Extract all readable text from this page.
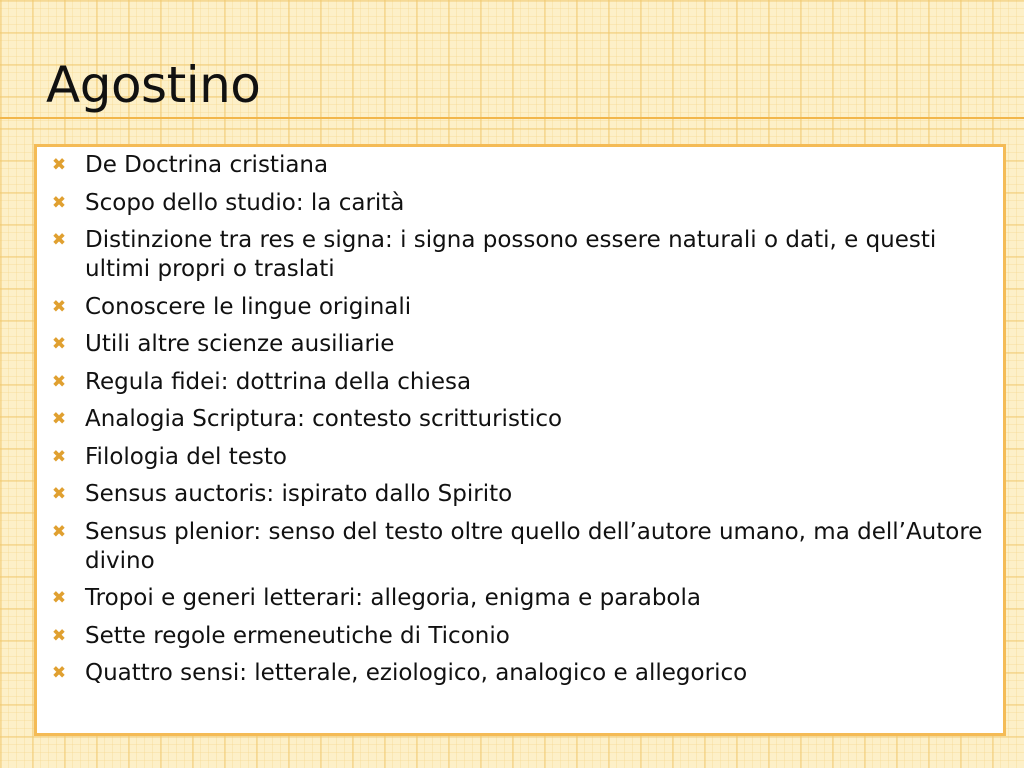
Agostino
✖ De Doctrina cristiana
✖ Scopo dello studio: la carità
✖ Distinzione tra res e signa: i signa possono essere naturali o dati, e questi ultimi propri o traslati
✖ Conoscere le lingue originali
✖ Utili altre scienze ausiliarie
✖ Regula fidei: dottrina della chiesa
✖ Analogia Scriptura: contesto scritturistico
✖ Filologia del testo
✖ Sensus auctoris: ispirato dallo Spirito
✖ Sensus plenior: senso del testo oltre quello dell’autore umano, ma dell’Autore divino
✖ Tropoi e generi letterari: allegoria, enigma e parabola
✖ Sette regole ermeneutiche di Ticonio
✖ Quattro sensi: letterale, eziologico, analogico e allegorico
